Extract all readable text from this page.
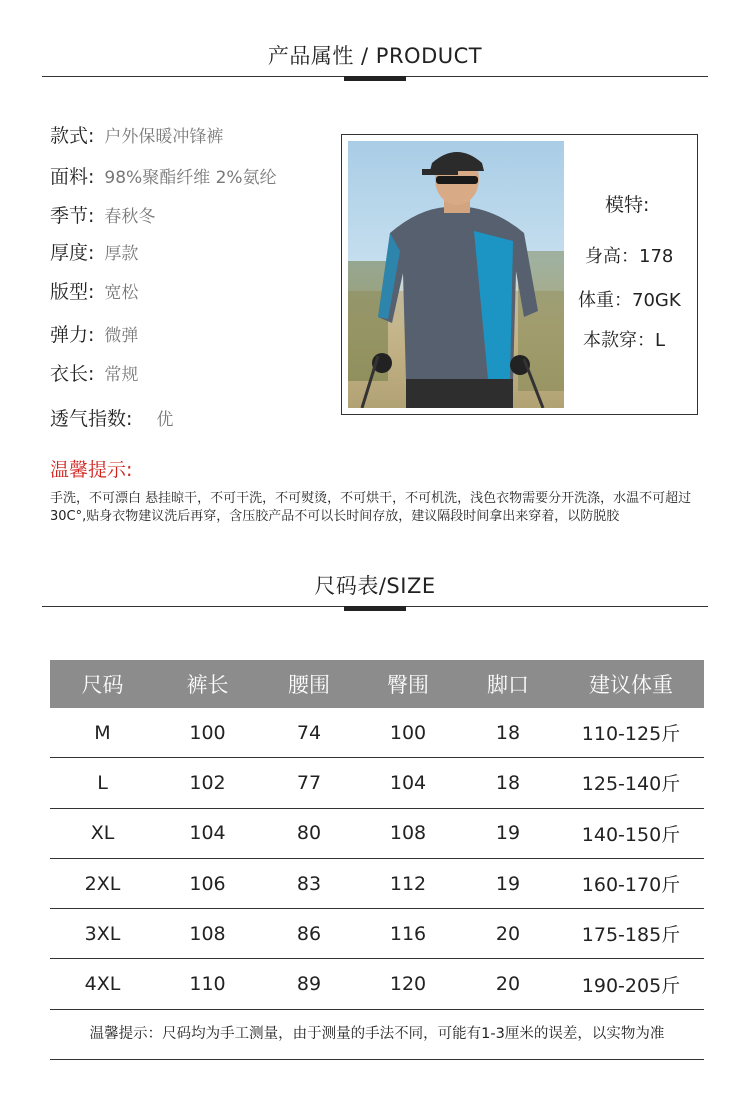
产品属性 / PRODUCT
款式: 户外保暖冲锋裤
面料: 98%聚酯纤维 2%氨纶
季节: 春秋冬
厚度: 厚款
版型: 宽松
弹力: 微弹
衣长: 常规
透气指数: 优
模特:
身高：178
体重：70GK
本款穿：L
温馨提示:
手洗，不可漂白 悬挂晾干，不可干洗，不可熨烫，不可烘干，不可机洗，浅色衣物需要分开洗涤，水温不可超过30C°,贴身衣物建议洗后再穿，含压胶产品不可以长时间存放，建议隔段时间拿出来穿着，以防脱胶
尺码表/SIZE
尺码	裤长	腰围	臀围	脚口	建议体重
M	100	74	100	18	110-125斤
L	102	77	104	18	125-140斤
XL	104	80	108	19	140-150斤
2XL	106	83	112	19	160-170斤
3XL	108	86	116	20	175-185斤
4XL	110	89	120	20	190-205斤
温馨提示：尺码均为手工测量，由于测量的手法不同，可能有1-3厘米的误差，以实物为准
